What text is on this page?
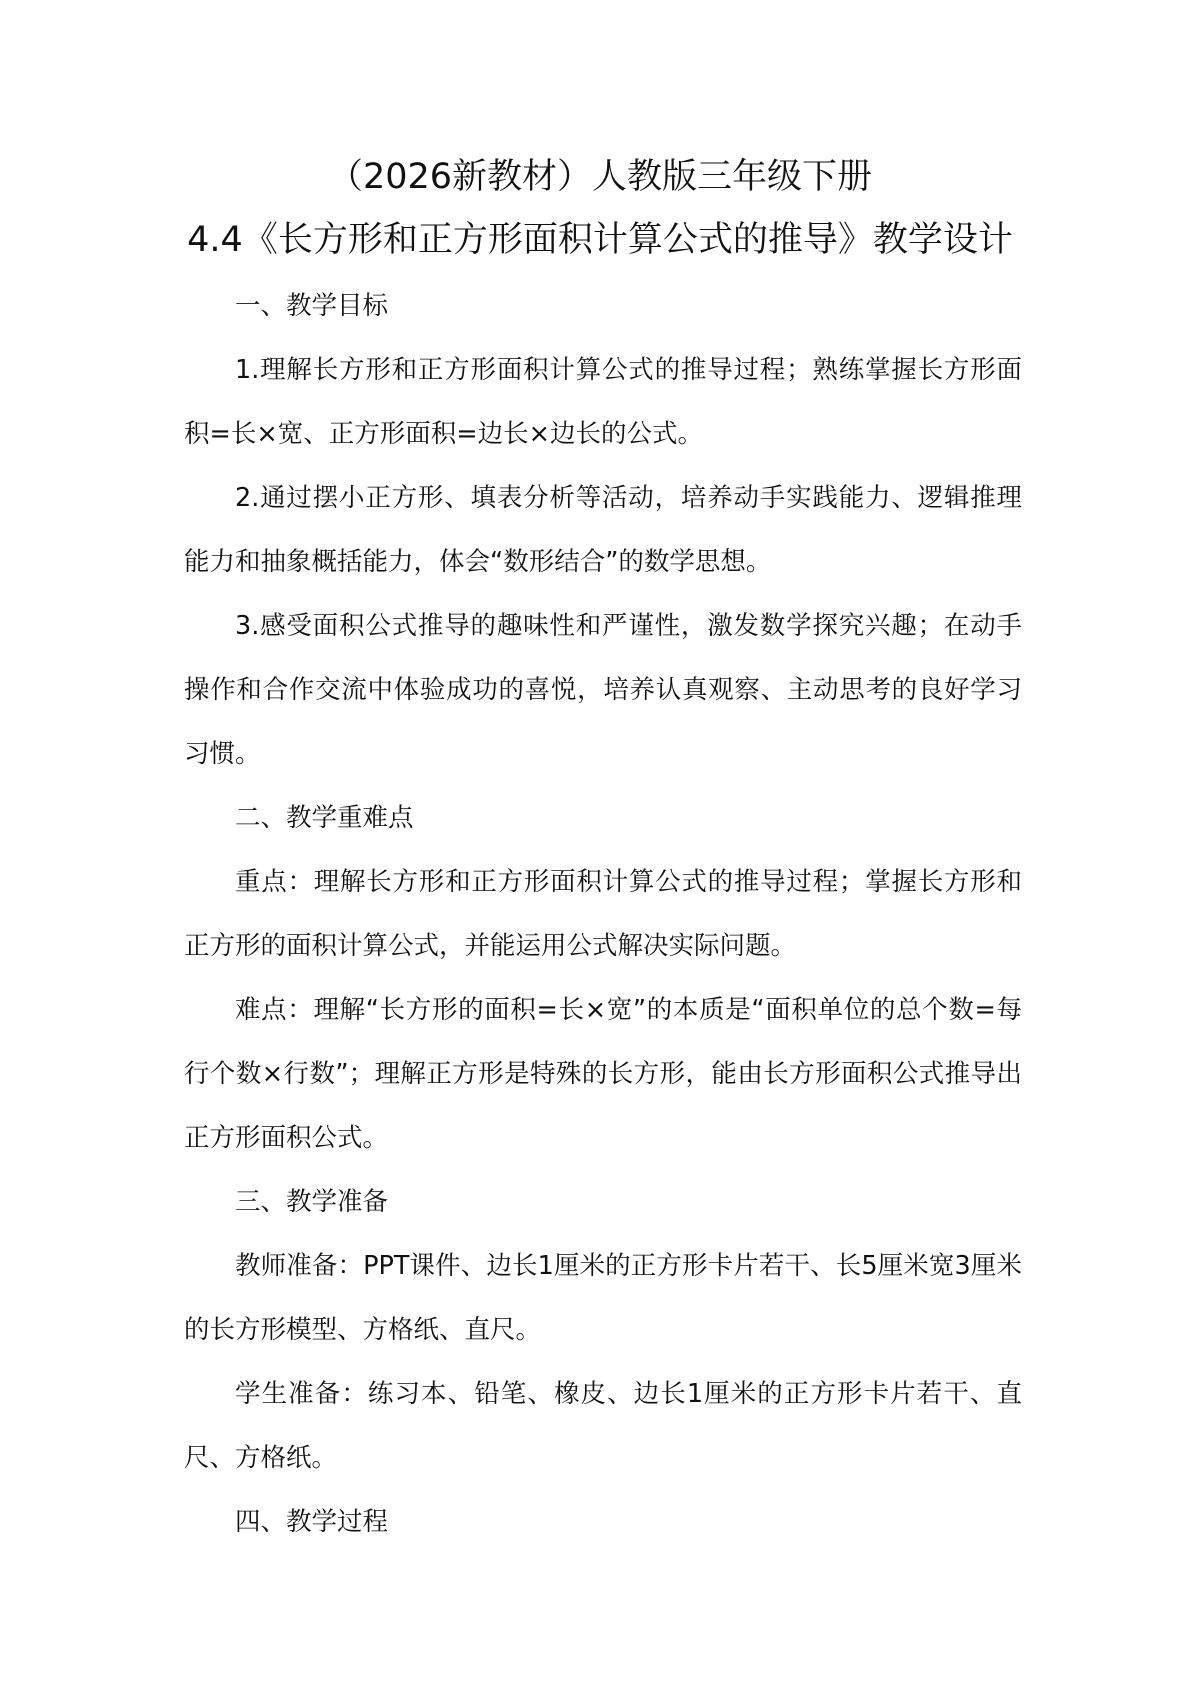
（2026新教材）人教版三年级下册
4.4《长方形和正方形面积计算公式的推导》教学设计

一、教学目标

1.理解长方形和正方形面积计算公式的推导过程；熟练掌握长方形面积=长×宽、正方形面积=边长×边长的公式。

2.通过摆小正方形、填表分析等活动，培养动手实践能力、逻辑推理能力和抽象概括能力，体会“数形结合”的数学思想。

3.感受面积公式推导的趣味性和严谨性，激发数学探究兴趣；在动手操作和合作交流中体验成功的喜悦，培养认真观察、主动思考的良好学习习惯。

二、教学重难点

重点：理解长方形和正方形面积计算公式的推导过程；掌握长方形和正方形的面积计算公式，并能运用公式解决实际问题。

难点：理解“长方形的面积=长×宽”的本质是“面积单位的总个数=每行个数×行数”；理解正方形是特殊的长方形，能由长方形面积公式推导出正方形面积公式。

三、教学准备

教师准备：PPT课件、边长1厘米的正方形卡片若干、长5厘米宽3厘米的长方形模型、方格纸、直尺。

学生准备：练习本、铅笔、橡皮、边长1厘米的正方形卡片若干、直尺、方格纸。

四、教学过程
